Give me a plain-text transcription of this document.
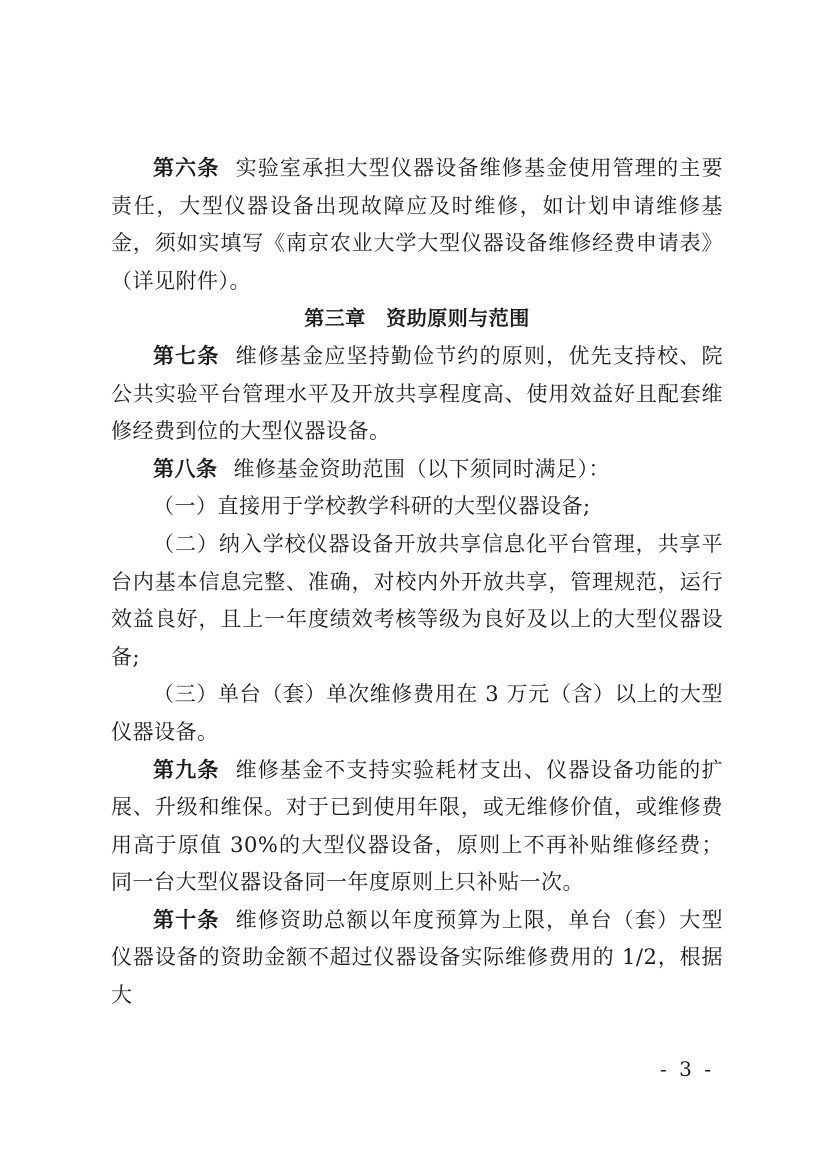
第六条 实验室承担大型仪器设备维修基金使用管理的主要责任，大型仪器设备出现故障应及时维修，如计划申请维修基金，须如实填写《南京农业大学大型仪器设备维修经费申请表》（详见附件）。

第三章　资助原则与范围

第七条 维修基金应坚持勤俭节约的原则，优先支持校、院公共实验平台管理水平及开放共享程度高、使用效益好且配套维修经费到位的大型仪器设备。

第八条 维修基金资助范围（以下须同时满足）：

（一）直接用于学校教学科研的大型仪器设备;

（二）纳入学校仪器设备开放共享信息化平台管理，共享平台内基本信息完整、准确，对校内外开放共享，管理规范，运行效益良好，且上一年度绩效考核等级为良好及以上的大型仪器设备;

（三）单台（套）单次维修费用在 3 万元（含）以上的大型仪器设备。

第九条 维修基金不支持实验耗材支出、仪器设备功能的扩展、升级和维保。对于已到使用年限，或无维修价值，或维修费用高于原值 30%的大型仪器设备，原则上不再补贴维修经费；同一台大型仪器设备同一年度原则上只补贴一次。

第十条 维修资助总额以年度预算为上限，单台（套）大型仪器设备的资助金额不超过仪器设备实际维修费用的 1/2，根据大

- 3 -
